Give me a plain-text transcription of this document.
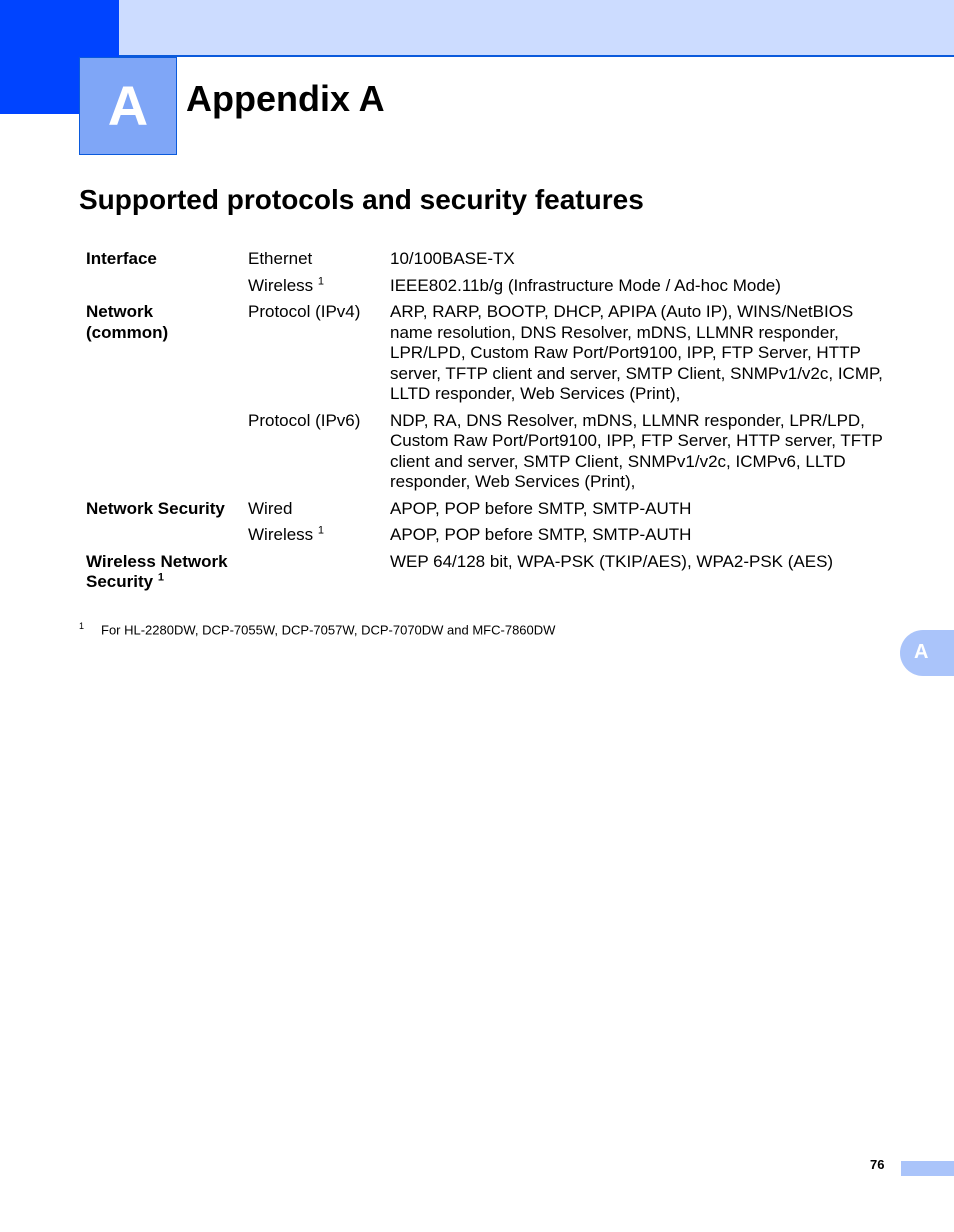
A	Appendix A
Supported protocols and security features
Interface	Ethernet	10/100BASE-TX
	Wireless $^1$	IEEE802.11b/g (Infrastructure Mode / Ad-hoc Mode)
Network (common)	Protocol (IPv4)	ARP, RARP, BOOTP, DHCP, APIPA (Auto IP), WINS/NetBIOS name resolution, DNS Resolver, mDNS, LLMNR responder, LPR/LPD, Custom Raw Port/Port9100, IPP, FTP Server, HTTP server, TFTP client and server, SMTP Client, SNMPv1/v2c, ICMP, LLTD responder, Web Services (Print),
	Protocol (IPv6)	NDP, RA, DNS Resolver, mDNS, LLMNR responder, LPR/LPD, Custom Raw Port/Port9100, IPP, FTP Server, HTTP server, TFTP client and server, SMTP Client, SNMPv1/v2c, ICMPv6, LLTD responder, Web Services (Print),
Network Security	Wired	APOP, POP before SMTP, SMTP-AUTH
	Wireless $^1$	APOP, POP before SMTP, SMTP-AUTH
Wireless Network Security $^1$		WEP 64/128 bit, WPA-PSK (TKIP/AES), WPA2-PSK (AES)
1 For HL-2280DW, DCP-7055W, DCP-7057W, DCP-7070DW and MFC-7860DW
A
76
